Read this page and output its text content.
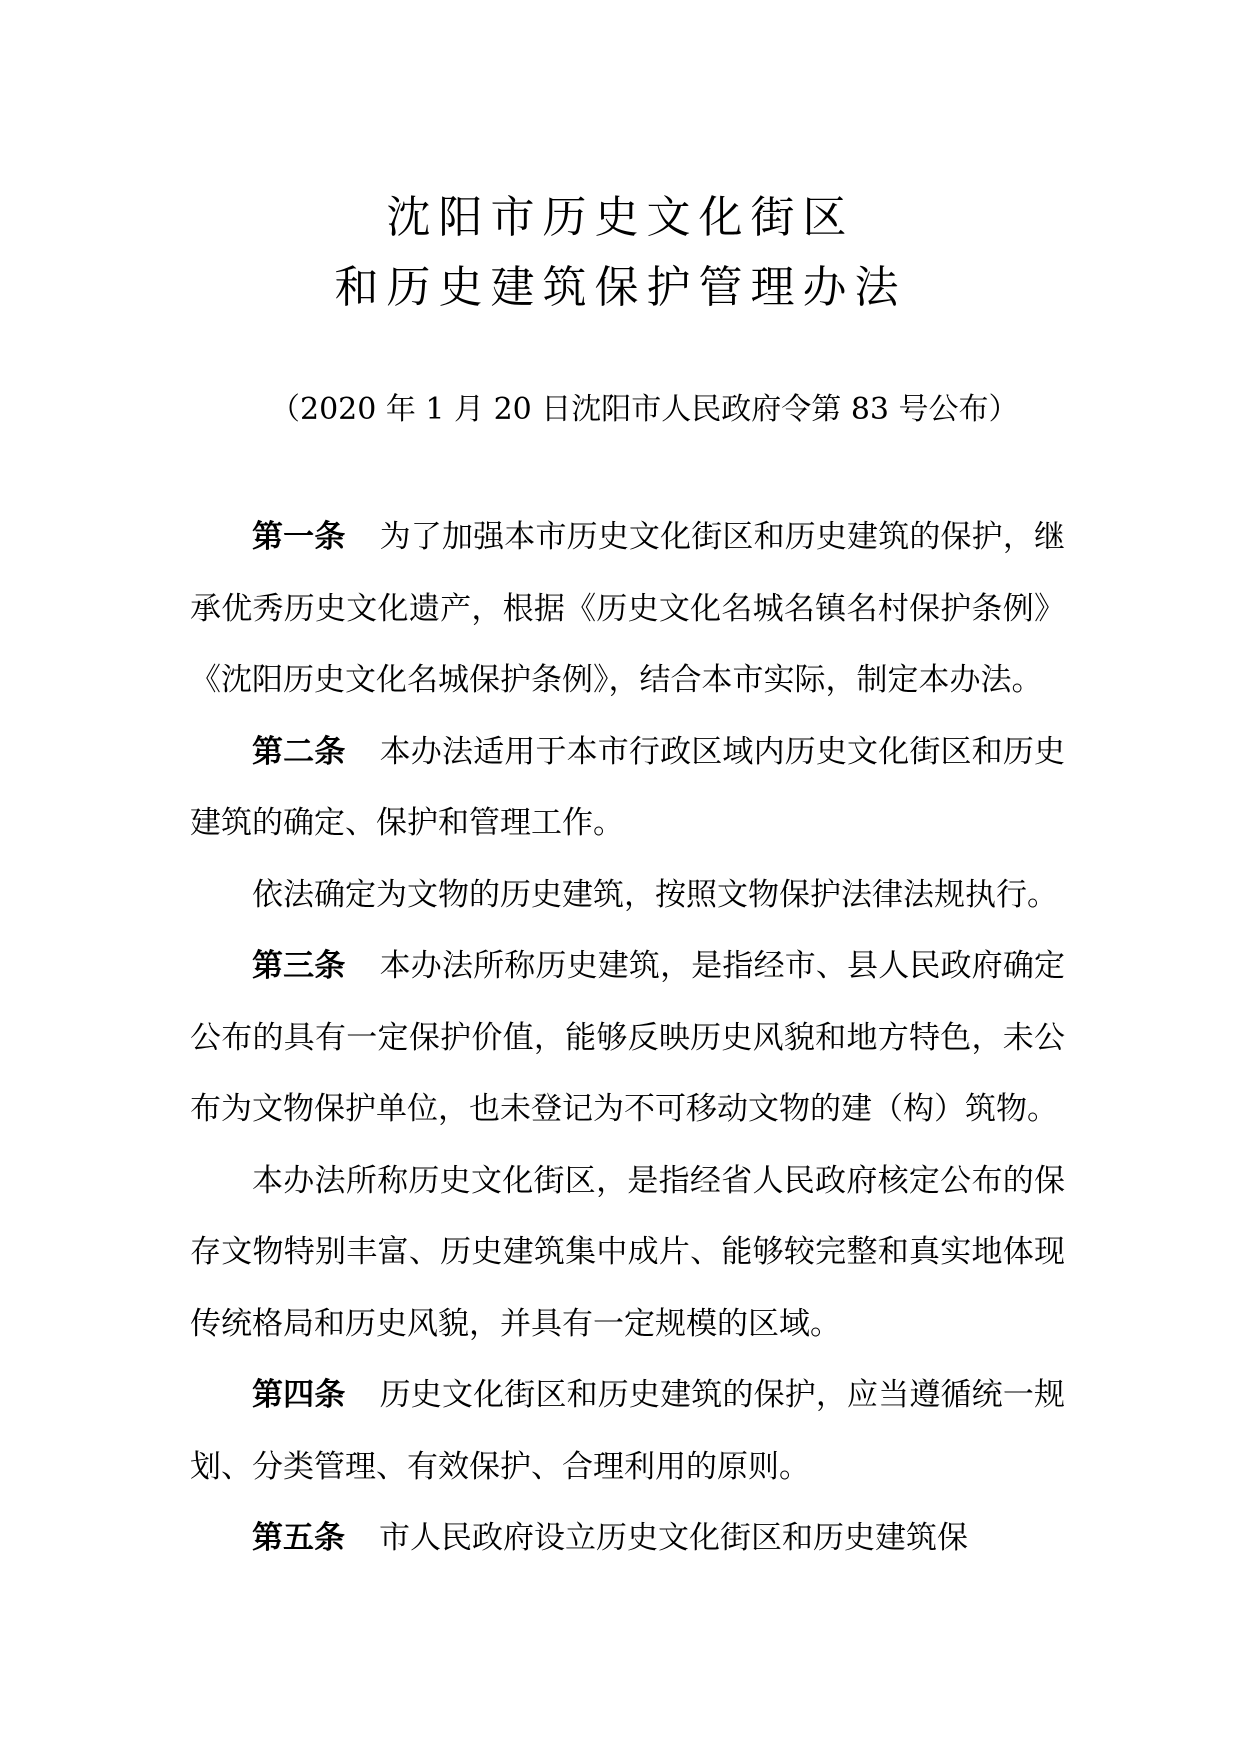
沈阳市历史文化街区
和历史建筑保护管理办法
（2020 年 1 月 20 日沈阳市人民政府令第 83 号公布）

第一条 为了加强本市历史文化街区和历史建筑的保护，继承优秀历史文化遗产，根据《历史文化名城名镇名村保护条例》《沈阳历史文化名城保护条例》，结合本市实际，制定本办法。

第二条 本办法适用于本市行政区域内历史文化街区和历史建筑的确定、保护和管理工作。

依法确定为文物的历史建筑，按照文物保护法律法规执行。

第三条 本办法所称历史建筑，是指经市、县人民政府确定公布的具有一定保护价值，能够反映历史风貌和地方特色，未公布为文物保护单位，也未登记为不可移动文物的建（构）筑物。

本办法所称历史文化街区，是指经省人民政府核定公布的保存文物特别丰富、历史建筑集中成片、能够较完整和真实地体现传统格局和历史风貌，并具有一定规模的区域。

第四条 历史文化街区和历史建筑的保护，应当遵循统一规划、分类管理、有效保护、合理利用的原则。

第五条 市人民政府设立历史文化街区和历史建筑保
